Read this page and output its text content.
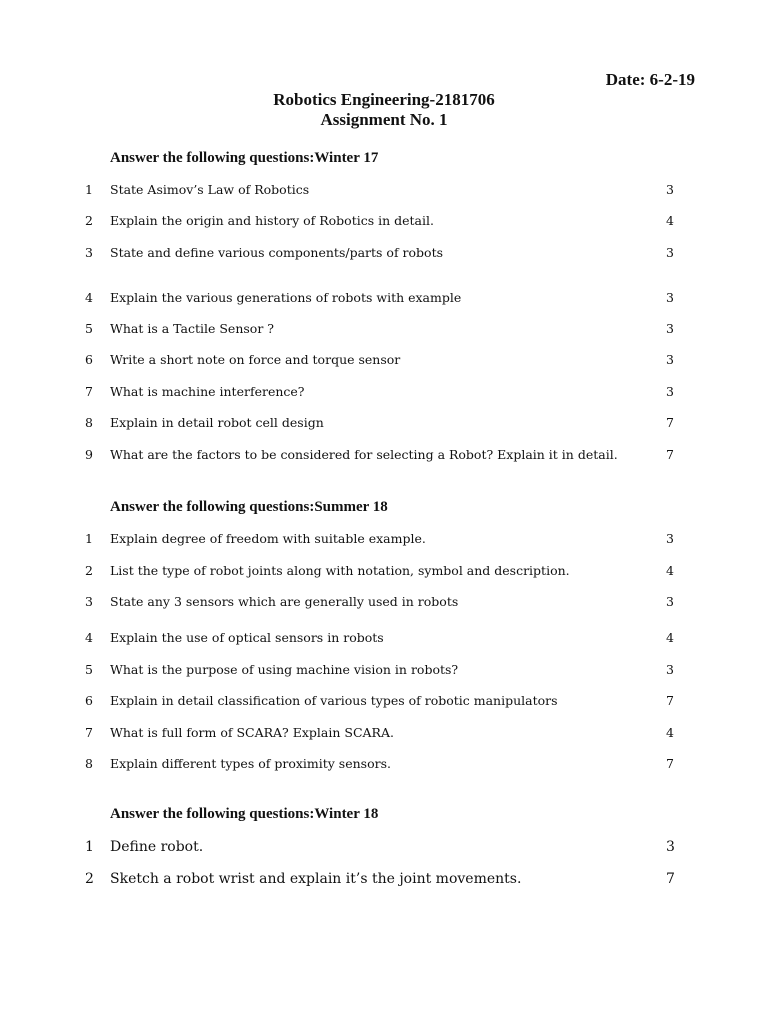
Date: 6-2-19
Robotics Engineering-2181706
Assignment No. 1
Answer the following questions:Winter 17
1	State Asimov’s Law of Robotics	3
2	Explain the origin and history of Robotics in detail.	4
3	State and define various components/parts of robots	3
4	Explain the various generations of robots with example	3
5	What is a Tactile Sensor ?	3
6	Write a short note on force and torque sensor	3
7	What is machine interference?	3
8	Explain in detail robot cell design	7
9	What are the factors to be considered for selecting a Robot? Explain it in detail.	7
Answer the following questions:Summer 18
1	Explain degree of freedom with suitable example.	3
2	List the type of robot joints along with notation, symbol and description.	4
3	State any 3 sensors which are generally used in robots	3
4	Explain the use of optical sensors in robots	4
5	What is the purpose of using machine vision in robots?	3
6	Explain in detail classification of various types of robotic manipulators	7
7	What is full form of SCARA? Explain SCARA.	4
8	Explain different types of proximity sensors.	7
Answer the following questions:Winter 18
1 Define robot.	3
2 Sketch a robot wrist and explain it’s the joint movements.	7
